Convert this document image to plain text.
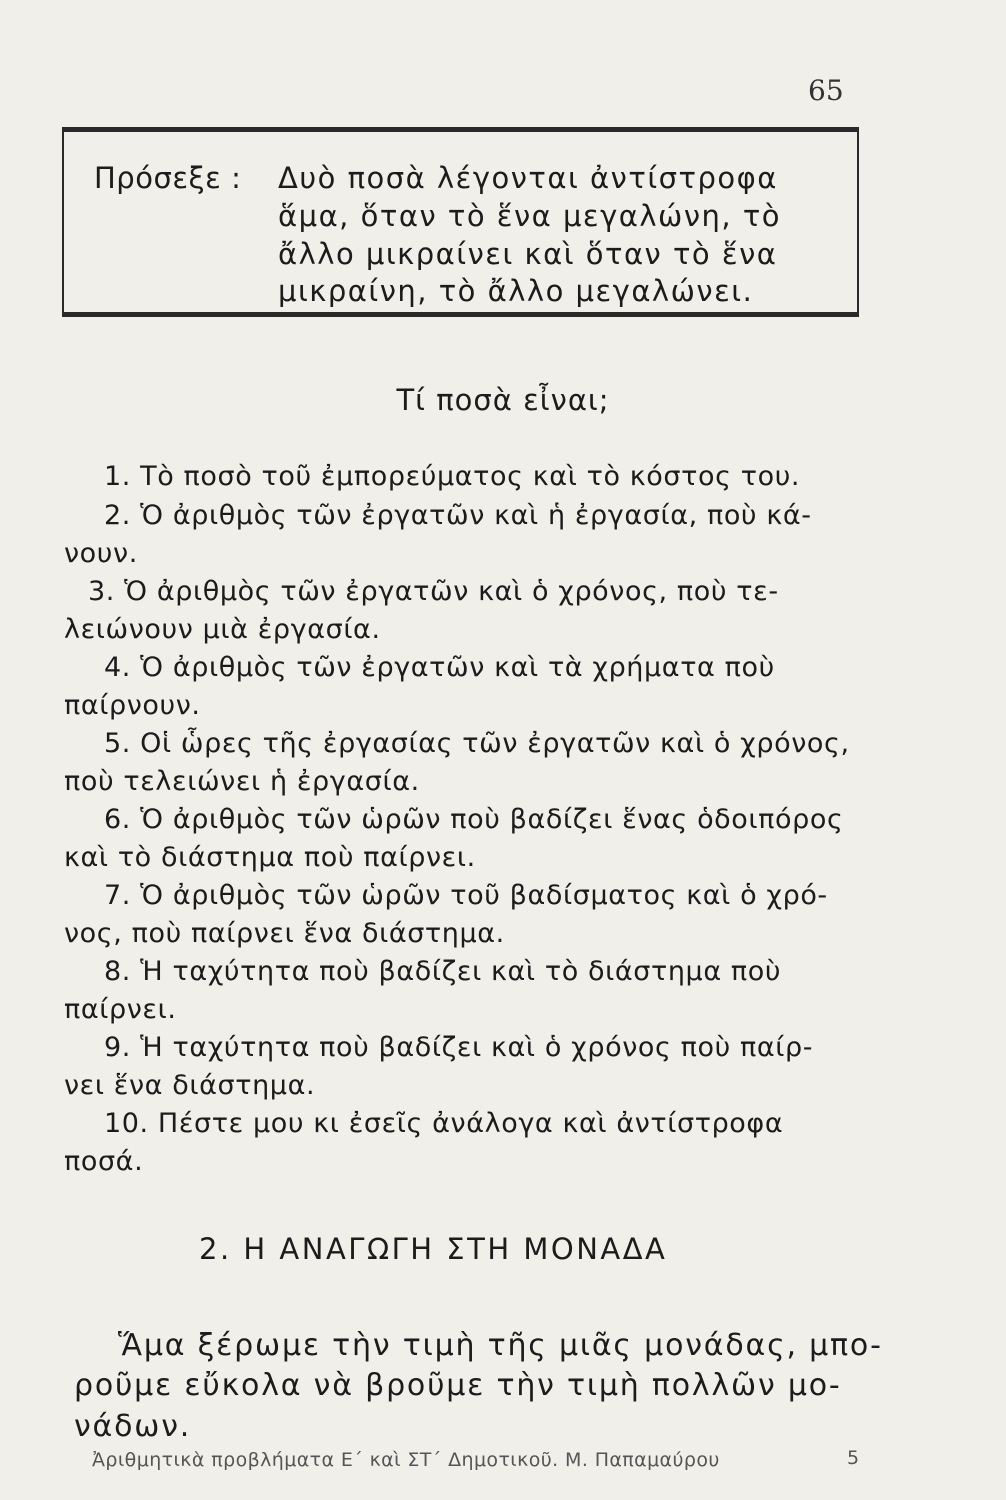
65
Πρόσεξε : Δυὸ ποσὰ λέγονται ἀντίστροφα
ἅμα, ὅταν τὸ ἕνα μεγαλώνη, τὸ
ἄλλο μικραίνει καὶ ὅταν τὸ ἕνα
μικραίνη, τὸ ἄλλο μεγαλώνει.
Τί ποσὰ εἶναι;
1. Τὸ ποσὸ τοῦ ἐμπορεύματος καὶ τὸ κόστος του.
2. Ὁ ἀριθμὸς τῶν ἐργατῶν καὶ ἡ ἐργασία, ποὺ κά-
νουν.
3. Ὁ ἀριθμὸς τῶν ἐργατῶν καὶ ὁ χρόνος, ποὺ τε-
λειώνουν μιὰ ἐργασία.
4. Ὁ ἀριθμὸς τῶν ἐργατῶν καὶ τὰ χρήματα ποὺ
παίρνουν.
5. Οἱ ὧρες τῆς ἐργασίας τῶν ἐργατῶν καὶ ὁ χρόνος,
ποὺ τελειώνει ἡ ἐργασία.
6. Ὁ ἀριθμὸς τῶν ὡρῶν ποὺ βαδίζει ἕνας ὁδοιπόρος
καὶ τὸ διάστημα ποὺ παίρνει.
7. Ὁ ἀριθμὸς τῶν ὡρῶν τοῦ βαδίσματος καὶ ὁ χρό-
νος, ποὺ παίρνει ἕνα διάστημα.
8. Ἡ ταχύτητα ποὺ βαδίζει καὶ τὸ διάστημα ποὺ
παίρνει.
9. Ἡ ταχύτητα ποὺ βαδίζει καὶ ὁ χρόνος ποὺ παίρ-
νει ἕνα διάστημα.
10. Πέστε μου κι ἐσεῖς ἀνάλογα καὶ ἀντίστροφα
ποσά.
2. Η ΑΝΑΓΩΓΗ ΣΤΗ ΜΟΝΑΔΑ
Ἅμα ξέρωμε τὴν τιμὴ τῆς μιᾶς μονάδας, μπο-
ροῦμε εὔκολα νὰ βροῦμε τὴν τιμὴ πολλῶν μο-
νάδων.
Ἀριθμητικὰ προβλήματα Ε΄ καὶ ΣΤ΄ Δημοτικοῦ. Μ. Παπαμαύρου	5
